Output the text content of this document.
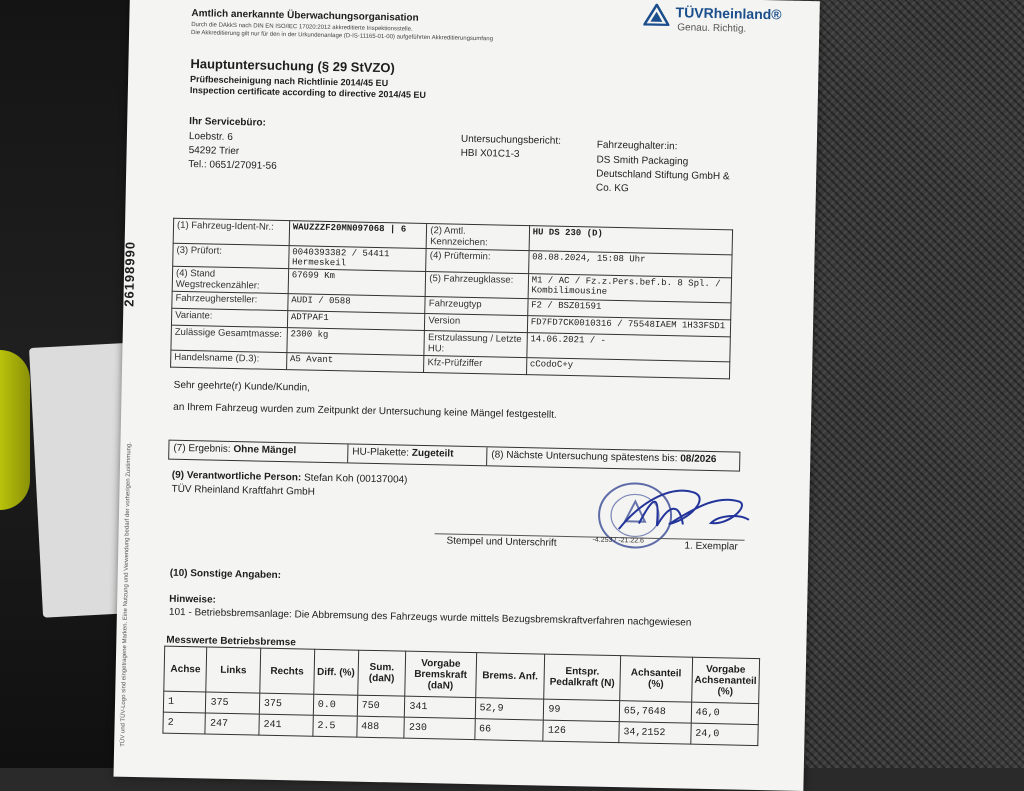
Amtlich anerkannte Überwachungsorganisation
Durch die DAkkS nach DIN EN ISO/IEC 17020:2012 akkreditierte Inspektionsstelle.
Die Akkreditierung gilt nur für den in der Urkundenanlage (D-IS-11165-01-00) aufgeführten Akkreditierungsumfang
TÜVRheinland®
Genau. Richtig.
Hauptuntersuchung (§ 29 StVZO)
Prüfbescheinigung nach Richtlinie 2014/45 EU
Inspection certificate according to directive 2014/45 EU
Ihr Servicebüro:
Loebstr. 6
54292 Trier
Tel.: 0651/27091-56
Untersuchungsbericht:
HBI X01C1-3
Fahrzeughalter:in:
DS Smith Packaging
Deutschland Stiftung GmbH &
Co. KG
26198990
TÜV und TÜV-Logo sind eingetragene Marken. Eine Nutzung und Verwendung bedarf der vorherigen Zustimmung.
(1) Fahrzeug-Ident-Nr.:	WAUZZZF20MN097068 | 6	(2) Amtl. Kennzeichen:	HU DS 230 (D)
(3) Prüfort:	0040393382 / 54411 Hermeskeil	(4) Prüftermin:	08.08.2024, 15:08 Uhr
(4) Stand Wegstreckenzähler:	67699 Km	(5) Fahrzeugklasse:	M1 / AC / Fz.z.Pers.bef.b. 8 Spl. / Kombilimousine
Fahrzeughersteller:	AUDI / 0588	Fahrzeugtyp	F2 / BSZ01591
Variante:	ADTPAF1	Version	FD7FD7CK0010316 / 75548IAEM 1H33FSD1
Zulässige Gesamtmasse:	2300 kg	Erstzulassung / Letzte HU:	14.06.2021 / -
Handelsname (D.3):	A5 Avant	Kfz-Prüfziffer	cCodoC+y
Sehr geehrte(r) Kunde/Kundin,
an Ihrem Fahrzeug wurden zum Zeitpunkt der Untersuchung keine Mängel festgestellt.
(7) Ergebnis: Ohne Mängel	HU-Plakette: Zugeteilt	(8) Nächste Untersuchung spätestens bis: 08/2026
(9) Verantwortliche Person: Stefan Koh (00137004)
TÜV Rheinland Kraftfahrt GmbH
Stempel und Unterschrift	-4.253 / -21.22.6	1. Exemplar
(10) Sonstige Angaben:
Hinweise:
101 - Betriebsbremsanlage: Die Abbremsung des Fahrzeugs wurde mittels Bezugsbremskraftverfahren nachgewiesen
Messwerte Betriebsbremse
Achse	Links	Rechts	Diff. (%)	Sum. (daN)	Vorgabe Bremskraft (daN)	Brems. Anf.	Entspr. Pedalkraft (N)	Achsanteil (%)	Vorgabe Achsenanteil (%)
1	375	375	0.0	750	341	52,9	99	65,7648	46,0
2	247	241	2.5	488	230	66	126	34,2152	24,0
